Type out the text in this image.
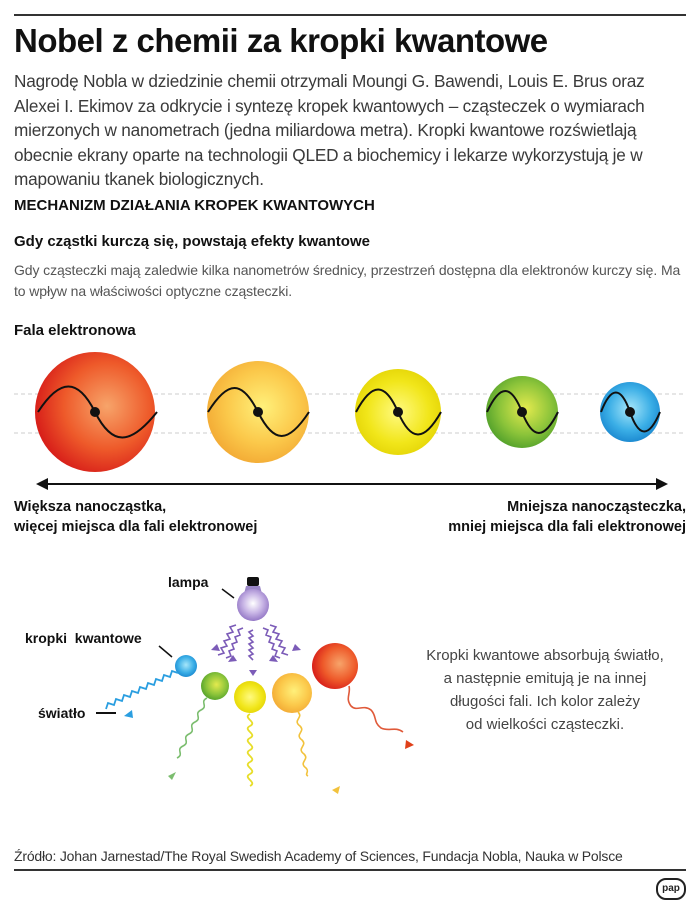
Nobel z chemii za kropki kwantowe

Nagrodę Nobla w dziedzinie chemii otrzymali Moungi G. Bawendi, Louis E. Brus oraz Alexei I. Ekimov za odkrycie i syntezę kropek kwantowych – cząsteczek o wymiarach mierzonych w nanometrach (jedna miliardowa metra). Kropki kwantowe rozświetlają obecnie ekrany oparte na technologii QLED a biochemicy i lekarze wykorzystują je w mapowaniu tkanek biologicznych.

MECHANIZM DZIAŁANIA KROPEK KWANTOWYCH
Gdy cząstki kurczą się, powstają efekty kwantowe

Gdy cząsteczki mają zaledwie kilka nanometrów średnicy, przestrzeń dostępna dla elektronów kurczy się. Ma to wpływ na właściwości optyczne cząsteczki.

Fala elektronowa
Większa nanocząstka,
więcej miejsca dla fali elektronowej
Mniejsza nanocząsteczka,
mniej miejsca dla fali elektronowej
lampa
kropki  kwantowe
światło
Kropki kwantowe absorbują światło,
a następnie emitują je na innej
długości fali. Ich kolor zależy
od wielkości cząsteczki.
Źródło: Johan Jarnestad/The Royal Swedish Academy of Sciences, Fundacja Nobla, Nauka w Polsce
pap
